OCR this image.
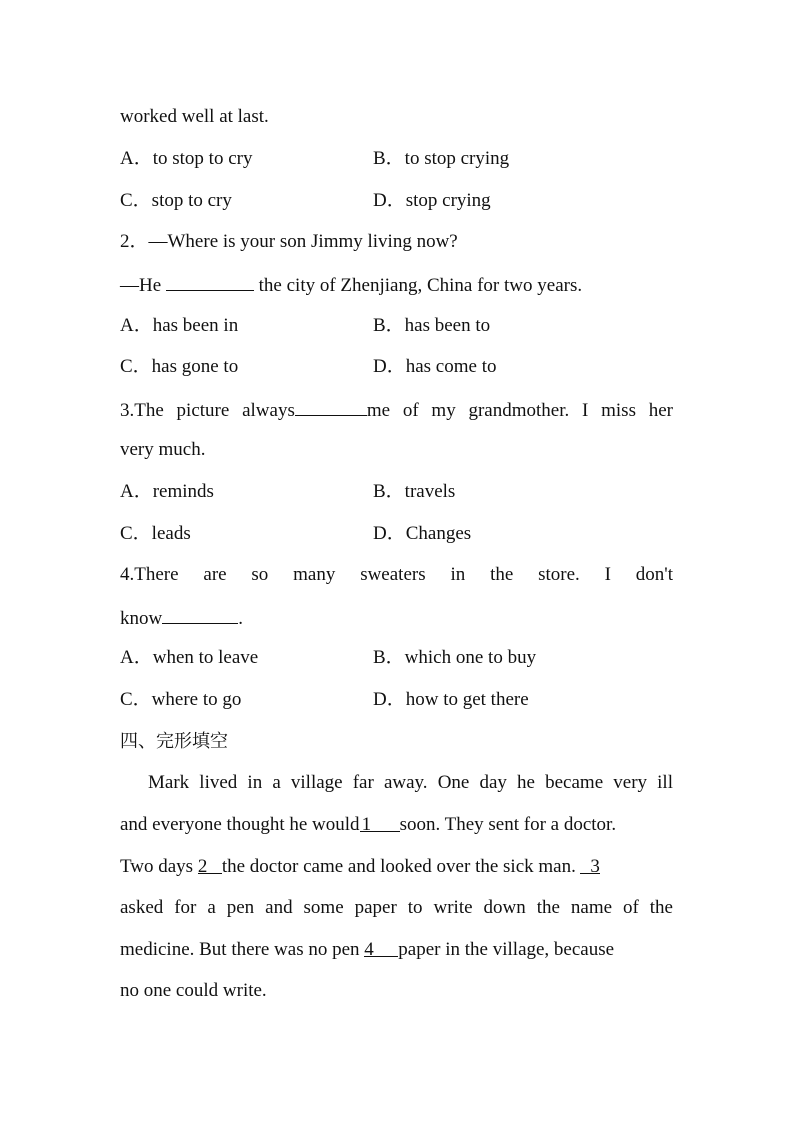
worked well at last.
A．to stop to cry	B．to stop crying
C．stop to cry	D．stop crying
2．—Where is your son Jimmy living now?
—He	the city of Zhenjiang, China for two years.
A．has been in	B．has been to
C．has gone to	D．has come to
3.The picture always	me of my grandmother. I miss her
very much.
A．reminds	B．travels
C．leads	D．Changes
4.There are so many sweaters in the store. I don't
know	.
A．when to leave	B．which one to buy
C．where to go	D．how to get there
四、完形填空
Mark lived in a village far away. One day he became very ill
and everyone thought he would 1 soon. They sent for a doctor.
Two days 2 the doctor came and looked over the sick man. 3
asked for a pen and some paper to write down the name of the
medicine. But there was no pen 4 paper in the village, because
no one could write.
